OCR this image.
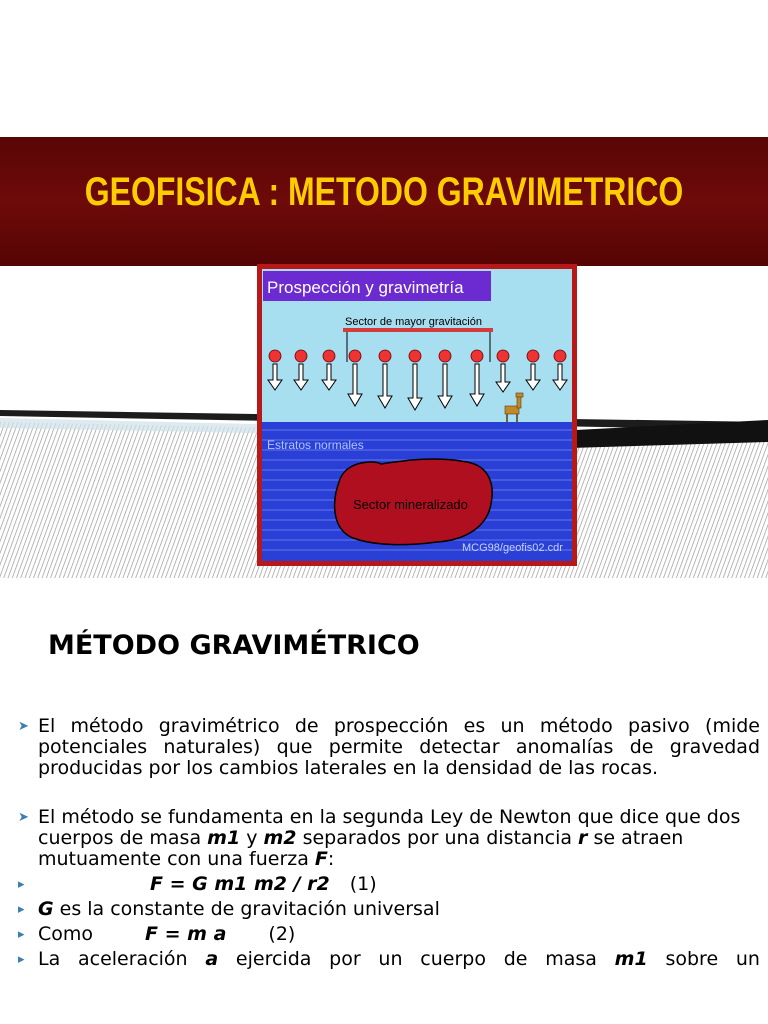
GEOFISICA : METODO GRAVIMETRICO
Prospección y gravimetría
Sector de mayor gravitación
Estratos normales
Sector mineralizado
MCG98/geofis02.cdr
MÉTODO GRAVIMÉTRICO
➤ El método gravimétrico de prospección es un método pasivo (mide potenciales naturales) que permite detectar anomalías de gravedad producidas por los cambios laterales en la densidad de las rocas.
➤ El método se fundamenta en la segunda Ley de Newton que dice que dos cuerpos de masa m1 y m2 separados por una distancia r se atraen mutuamente con una fuerza F:
▸	F = G m1 m2 / r2 (1)
▸ G es la constante de gravitación universal
▸ Como	F = m a (2)
▸ La aceleración a ejercida por un cuerpo de masa m1 sobre un
